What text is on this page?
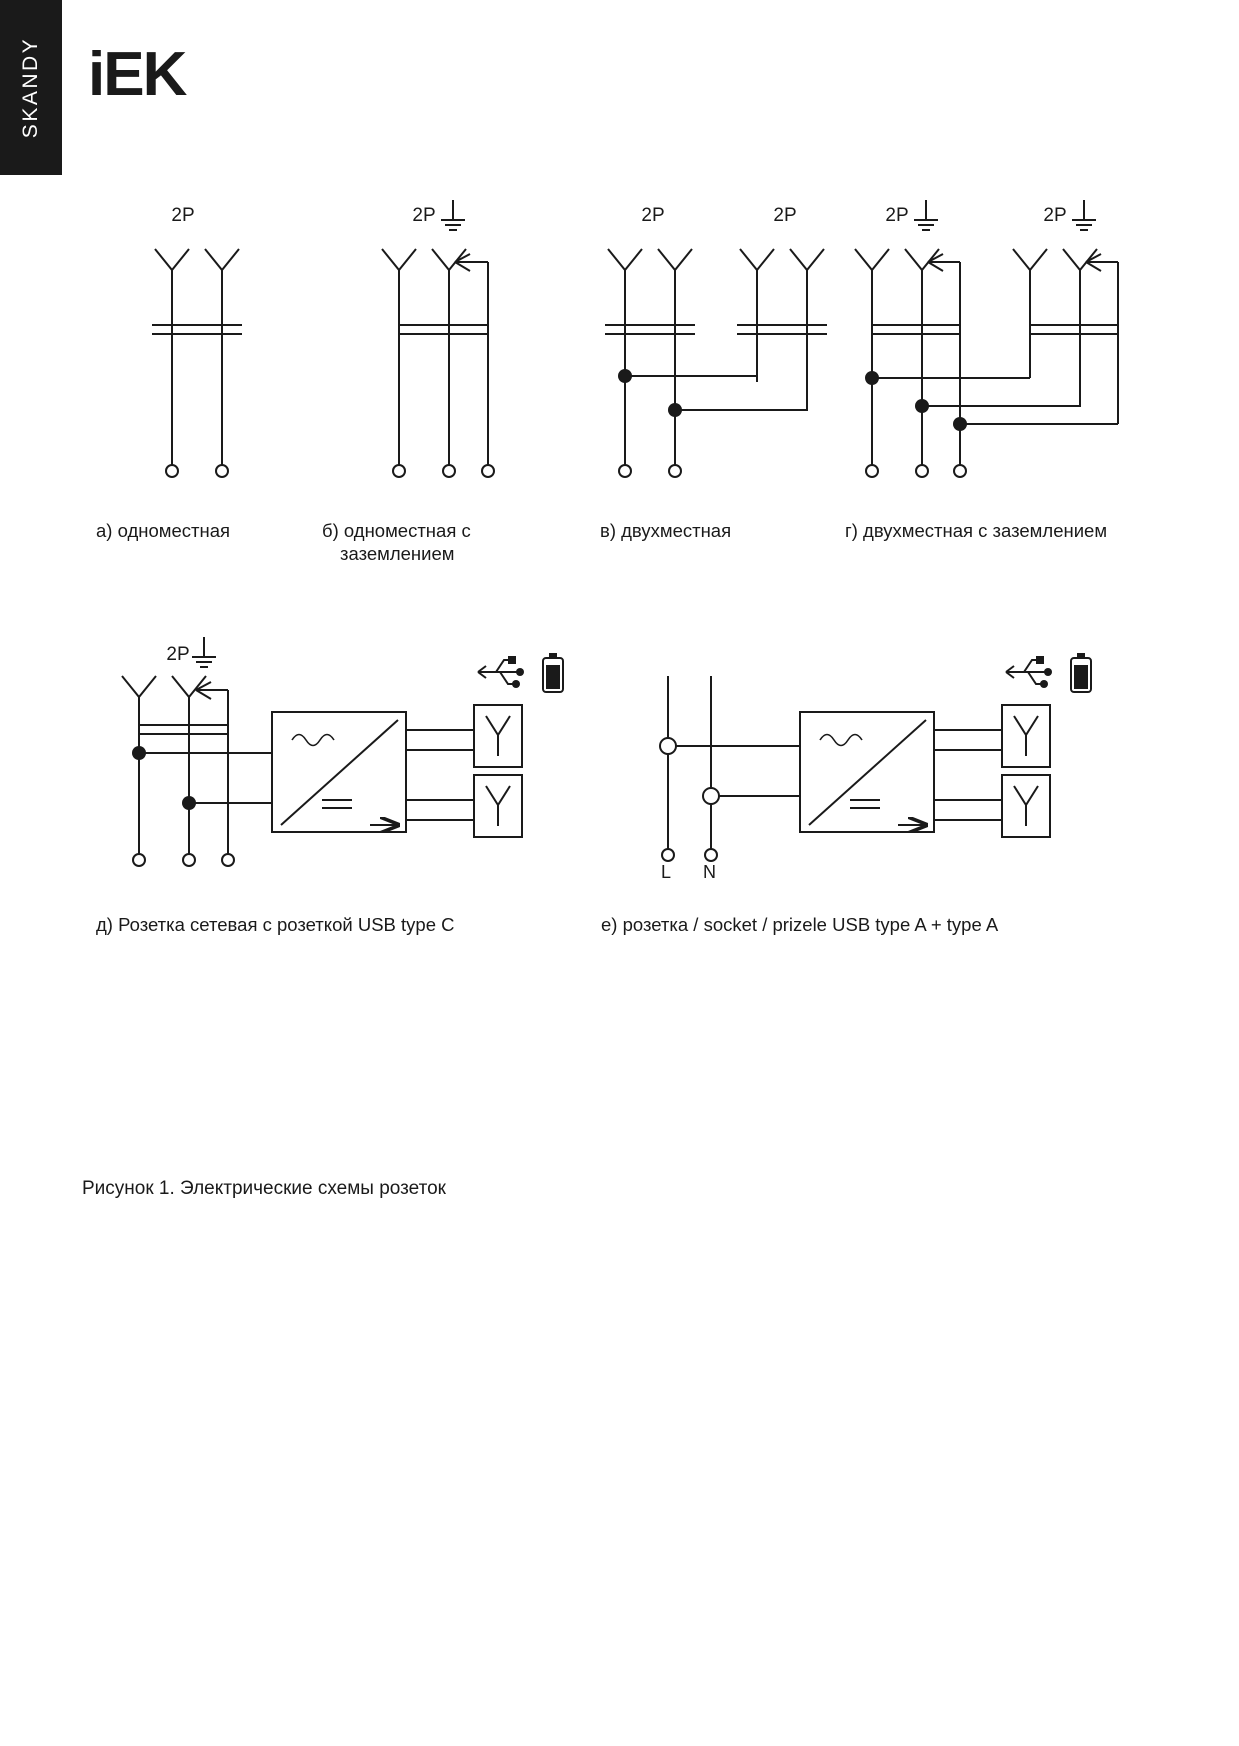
SKANDY iEK
2P	2P	2P	2P	2P	2P
2P
а) одноместная	б) одноместная с
заземлением
в) двухместная	г) двухместная с заземлением
д) Розетка сетевая с розеткой USB type C	е) розетка / socket / prizele USB type A + type A
L N
Рисунок 1. Электрические схемы розеток
